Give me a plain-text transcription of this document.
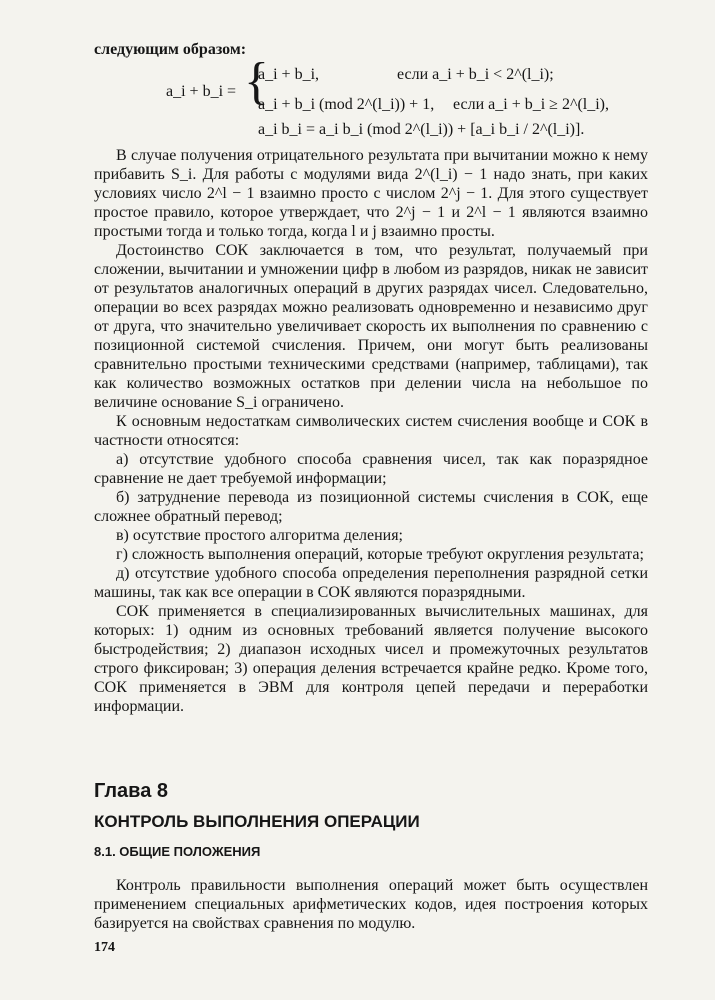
следующим образом:

a_i + b_i = {
a_i + b_i,	если a_i + b_i < 2^(l_i);
a_i + b_i (mod 2^(l_i)) + 1, если a_i + b_i ≥ 2^(l_i),
a_i b_i = a_i b_i (mod 2^(l_i)) + [a_i b_i / 2^(l_i)].

В случае получения отрицательного результата при вычитании можно к нему прибавить S_i. Для работы с модулями вида 2^(l_i) − 1 надо знать, при каких условиях число 2^l − 1 взаимно просто с числом 2^j − 1. Для этого существует простое правило, которое утверждает, что 2^j − 1 и 2^l − 1 являются взаимно простыми тогда и только тогда, когда l и j взаимно просты.

Достоинство СОК заключается в том, что результат, получаемый при сложении, вычитании и умножении цифр в любом из разрядов, никак не зависит от результатов аналогичных операций в других разрядах чисел. Следовательно, операции во всех разрядах можно реализовать одновременно и независимо друг от друга, что значительно увеличивает скорость их выполнения по сравнению с позиционной системой счисления. Причем, они могут быть реализованы сравнительно простыми техническими средствами (например, таблицами), так как количество возможных остатков при делении числа на небольшое по величине основание S_i ограничено.

К основным недостаткам символических систем счисления вообще и СОК в частности относятся:

а) отсутствие удобного способа сравнения чисел, так как поразрядное сравнение не дает требуемой информации;

б) затруднение перевода из позиционной системы счисления в СОК, еще сложнее обратный перевод;

в) осутствие простого алгоритма деления;

г) сложность выполнения операций, которые требуют округления результата;

д) отсутствие удобного способа определения переполнения разрядной сетки машины, так как все операции в СОК являются поразрядными.

СОК применяется в специализированных вычислительных машинах, для которых: 1) одним из основных требований является получение высокого быстродействия; 2) диапазон исходных чисел и промежуточных результатов строго фиксирован; 3) операция деления встречается крайне редко. Кроме того, СОК применяется в ЭВМ для контроля цепей передачи и переработки информации.

Глава 8
КОНТРОЛЬ ВЫПОЛНЕНИЯ ОПЕРАЦИИ
8.1. ОБЩИЕ ПОЛОЖЕНИЯ

Контроль правильности выполнения операций может быть осуществлен применением специальных арифметических кодов, идея построения которых базируется на свойствах сравнения по модулю.

174
